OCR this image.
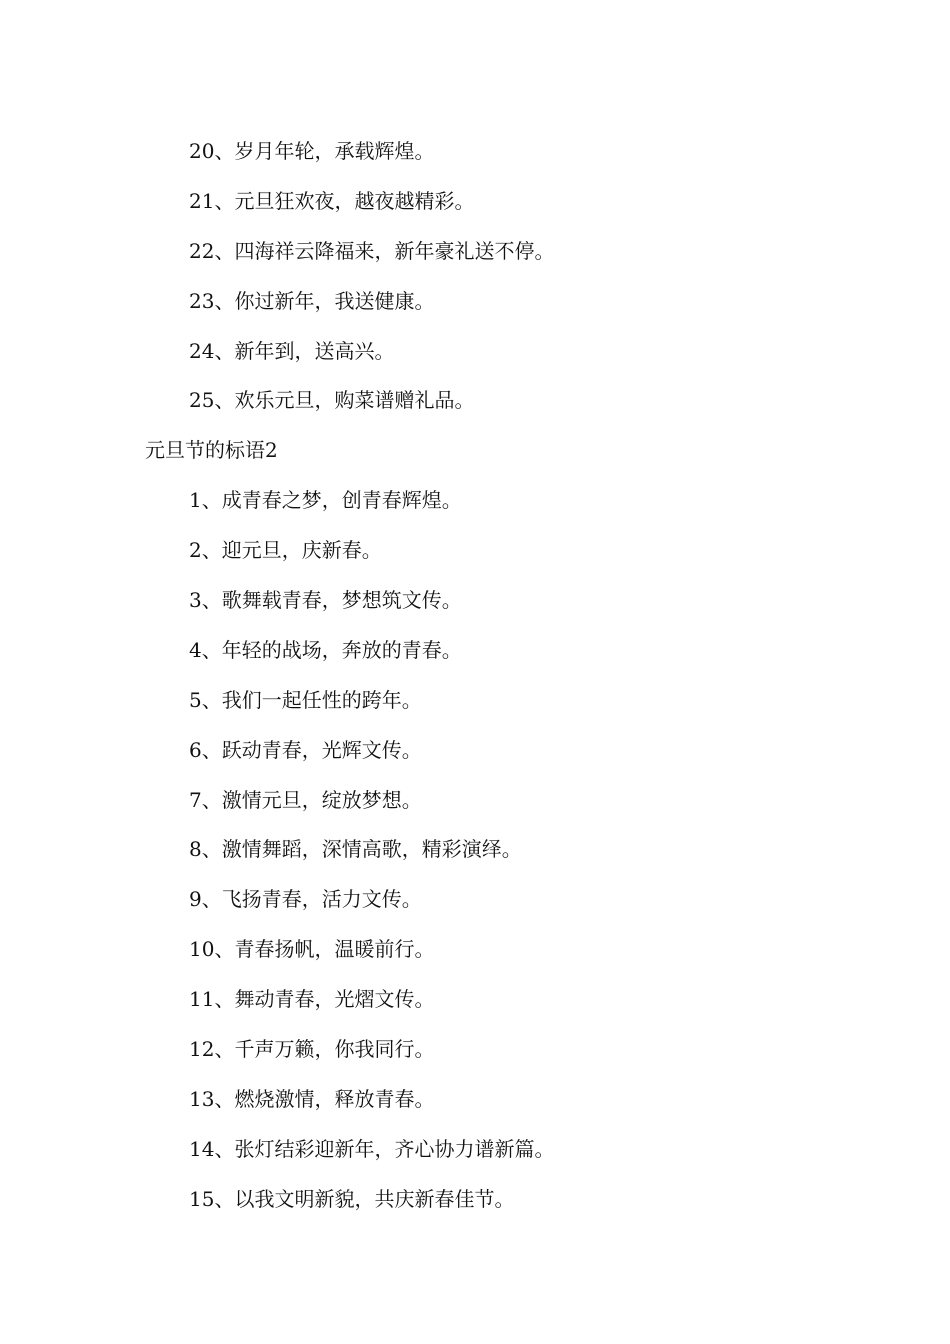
20、岁月年轮，承载辉煌。
21、元旦狂欢夜，越夜越精彩。
22、四海祥云降福来，新年豪礼送不停。
23、你过新年，我送健康。
24、新年到，送高兴。
25、欢乐元旦，购菜谱赠礼品。
元旦节的标语2
1、成青春之梦，创青春辉煌。
2、迎元旦，庆新春。
3、歌舞载青春，梦想筑文传。
4、年轻的战场，奔放的青春。
5、我们一起任性的跨年。
6、跃动青春，光辉文传。
7、激情元旦，绽放梦想。
8、激情舞蹈，深情高歌，精彩演绎。
9、飞扬青春，活力文传。
10、青春扬帆，温暖前行。
11、舞动青春，光熠文传。
12、千声万籁，你我同行。
13、燃烧激情，释放青春。
14、张灯结彩迎新年，齐心协力谱新篇。
15、以我文明新貌，共庆新春佳节。
